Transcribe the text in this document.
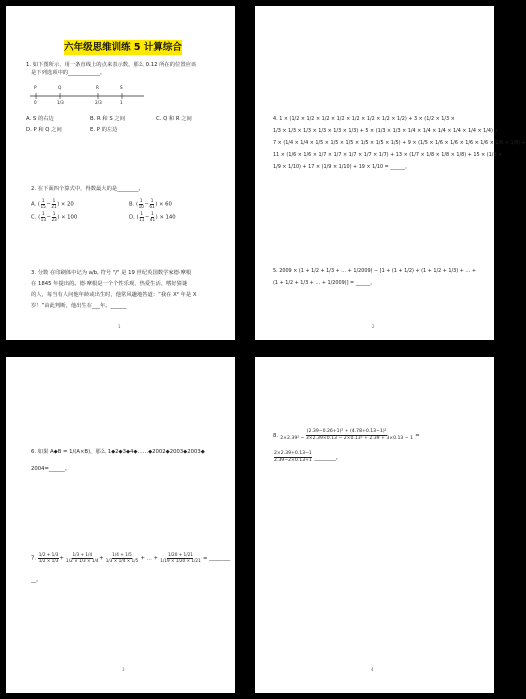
六年级思维训练 5 计算综合
1. 如下图所示，用一条直线上的点来表示数，那么 0.12 所在的位置应该
是下列选项中的____________。
P	Q	R	S
0	1/3	2/3	1
A. S 的右边	B. R 和 S 之间	C. Q 和 R 之间
D. P 和 Q 之间	E. P 的左边
2. 在下面四个算式中，得数最大的是________。
A. ( $\frac{1}{15} - \frac{1}{21}$ ) × 20	B. ( $\frac{1}{10} - \frac{1}{61}$ ) × 60
C. ( $\frac{1}{13} - \frac{1}{23}$ ) × 100	D. ( $\frac{1}{11} - \frac{1}{41}$ ) × 140
3. 分数 在印刷体中记为 a/b, 符号 "/" 是 19 世纪英国数学家德·摩根
在 1845 年提出的。德·摩根是一个个性乐观、热爱生活、嗜好猜谜
的人，每当有人问他年龄或出生时，他常风趣地答道：“我在 X² 年是 X
岁！”由此判断，他出生在___年。______
1
4. 1 × (1/2 × 1/2 × 1/2 × 1/2 × 1/2 × 1/2 × 1/2 × 1/2) + 3 × (1/2 × 1/3 ×
1/3 × 1/3 × 1/3 × 1/3 × 1/3 × 1/3) + 5 × (1/3 × 1/3 × 1/4 × 1/4 × 1/4 × 1/4 × 1/4 × 1/4) +
7 × (1/4 × 1/4 × 1/5 × 1/5 × 1/5 × 1/5 × 1/5 × 1/5) + 9 × (1/5 × 1/6 × 1/6 × 1/6 × 1/6 × 1/6 × 1/6) +
11 × (1/6 × 1/6 × 1/7 × 1/7 × 1/7 × 1/7 × 1/7) + 13 × (1/7 × 1/8 × 1/8 × 1/8) + 15 × (1/8 ×
1/9 × 1/10) + 17 × (1/9 × 1/10) + 19 × 1/10 = ______。
5. 2009 × (1 + 1/2 + 1/3 + … + 1/2009) − [1 + (1 + 1/2) + (1 + 1/2 + 1/3) + … +
(1 + 1/2 + 1/3 + … + 1/2009)] = ______。
2
6. 如果 A◆B = 1/(A×B)，那么 1◆2◆3◆4◆……◆2002◆2003◆2003◆
2004=______。
7. $\frac{1/2 + 1/3}{1/2 \times 1/3} + \frac{1/3 + 1/4}{1/2 \times 1/3 \times 1/4} + \frac{1/4 + 1/5}{1/3 \times 1/4 \times 1/5}$ + … + $\frac{1/20 + 1/21}{1/19 \times 1/20 \times 1/21}$ = ________
__。
3
8. $\frac{\text{(2.39−0.26+1)² + (4.78+0.13−1)²}}{\text{2×2.39² − 3×2.39×0.13 − 2×0.13² + 2.39 + 3×0.13 − 1}}$ =
$\frac{2\times 2.39+0.13-1}{2.39-2\times 0.13+1}$ ________。
4
